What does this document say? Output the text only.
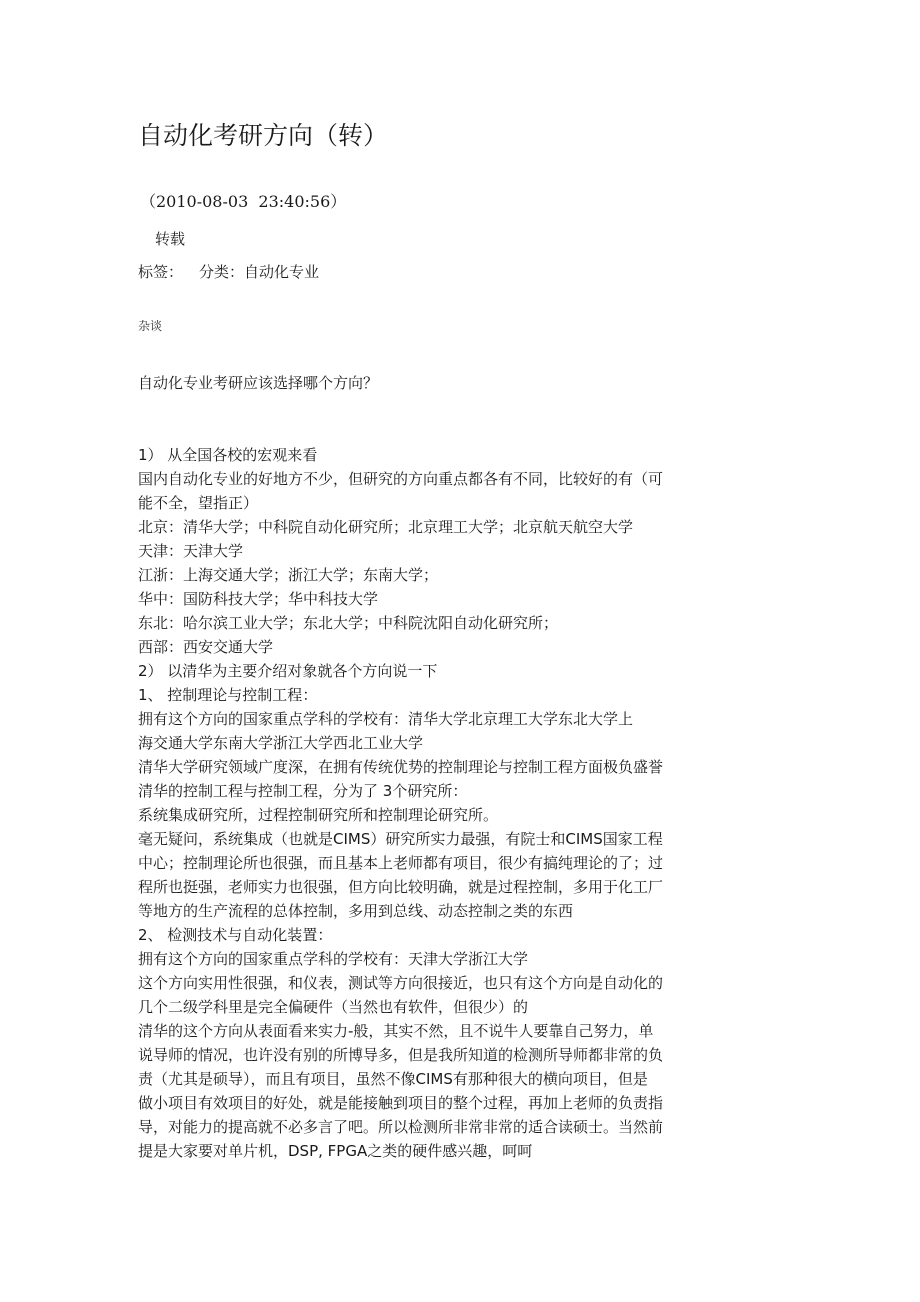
自动化考研方向（转）
（2010-08-03  23:40:56）
转载
标签： 分类：自动化专业
杂谈
自动化专业考研应该选择哪个方向？
1） 从全国各校的宏观来看
国内自动化专业的好地方不少，但研究的方向重点都各有不同，比较好的有（可
能不全，望指正）
北京：清华大学；中科院自动化研究所；北京理工大学；北京航天航空大学
天津：天津大学
江浙：上海交通大学；浙江大学；东南大学；
华中：国防科技大学；华中科技大学
东北：哈尔滨工业大学；东北大学；中科院沈阳自动化研究所；
西部：西安交通大学
2） 以清华为主要介绍对象就各个方向说一下
1、 控制理论与控制工程：
拥有这个方向的国家重点学科的学校有：清华大学北京理工大学东北大学上
海交通大学东南大学浙江大学西北工业大学
清华大学研究领域广度深，在拥有传统优势的控制理论与控制工程方面极负盛誉
清华的控制工程与控制工程，分为了 3个研究所：
系统集成研究所，过程控制研究所和控制理论研究所。
毫无疑问，系统集成（也就是CIMS）研究所实力最强，有院士和CIMS国家工程
中心；控制理论所也很强，而且基本上老师都有项目，很少有搞纯理论的了；过
程所也挺强，老师实力也很强，但方向比较明确，就是过程控制，多用于化工厂
等地方的生产流程的总体控制，多用到总线、动态控制之类的东西
2、 检测技术与自动化装置：
拥有这个方向的国家重点学科的学校有：天津大学浙江大学
这个方向实用性很强，和仪表，测试等方向很接近，也只有这个方向是自动化的
几个二级学科里是完全偏硬件（当然也有软件，但很少）的
清华的这个方向从表面看来实力-般，其实不然，且不说牛人要靠自己努力，单
说导师的情况，也许没有别的所博导多，但是我所知道的检测所导师都非常的负
责（尤其是硕导），而且有项目，虽然不像CIMS有那种很大的横向项目，但是
做小项目有效项目的好处，就是能接触到项目的整个过程，再加上老师的负责指
导，对能力的提高就不必多言了吧。所以检测所非常非常的适合读硕士。当然前
提是大家要对单片机，DSP, FPGA之类的硬件感兴趣，呵呵
